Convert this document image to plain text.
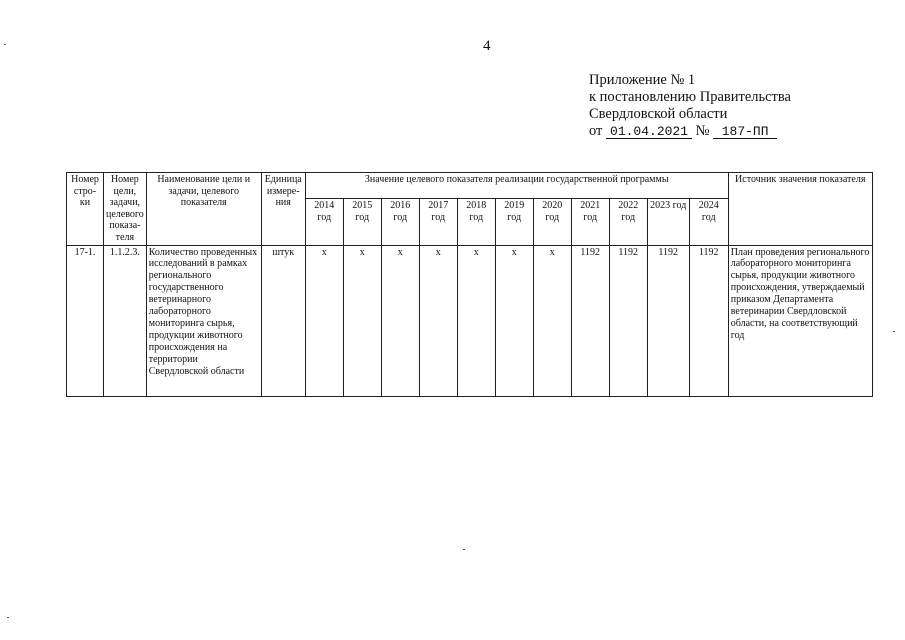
4
Приложение № 1
к постановлению Правительства
Свердловской области
от 01.04.2021 № 187-ПП
Номер стро-ки	Номер цели, задачи, целевого показа-теля	Наименование цели и задачи, целевого показателя	Единица измере-ния	Значение целевого показателя реализации государственной программы											Источник значения показателя
				2014 год	2015 год	2016 год	2017 год	2018 год	2019 год	2020 год	2021 год	2022 год	2023 год	2024 год	
17-1.	1.1.2.3.	Количество проведенных исследований в рамках регионального государственного ветеринарного лабораторного мониторинга сырья, продукции животного происхождения на территории Свердловской области	штук	x	x	x	x	x	x	x	1192	1192	1192	1192	План проведения регионального лабораторного мониторинга сырья, продукции животного происхождения, утверждаемый приказом Департамента ветеринарии Свердловской области, на соответствующий год
